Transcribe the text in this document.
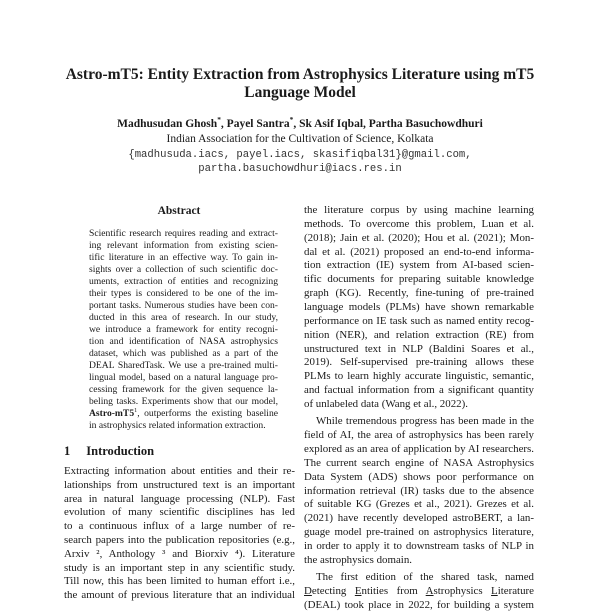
Astro-mT5: Entity Extraction from Astrophysics Literature using mT5
Language Model
Madhusudan Ghosh*, Payel Santra*, Sk Asif Iqbal, Partha Basuchowdhuri
Indian Association for the Cultivation of Science, Kolkata
{madhusuda.iacs, payel.iacs, skasifiqbal31}@gmail.com,
partha.basuchowdhuri@iacs.res.in
Abstract
Scientific research requires reading and extract-
ing relevant information from existing scien-
tific literature in an effective way. To gain in-
sights over a collection of such scientific doc-
uments, extraction of entities and recognizing
their types is considered to be one of the im-
portant tasks. Numerous studies have been con-
ducted in this area of research. In our study,
we introduce a framework for entity recogni-
tion and identification of NASA astrophysics
dataset, which was published as a part of the
DEAL SharedTask. We use a pre-trained multi-
lingual model, based on a natural language pro-
cessing framework for the given sequence la-
beling tasks. Experiments show that our model,
Astro-$mT5^1$, outperforms the existing baseline
in astrophysics related information extraction.
1 Introduction
Extracting information about entities and their re-
lationships from unstructured text is an important
area in natural language processing (NLP). Fast
evolution of many scientific disciplines has led
to a continuous influx of a large number of re-
search papers into the publication repositories (e.g.,
Arxiv ², Anthology ³ and Biorxiv ⁴). Literature
study is an important step in any scientific study.
Till now, this has been limited to human effort i.e.,
the amount of previous literature that an individual
the literature corpus by using machine learning
methods. To overcome this problem, Luan et al.
(2018); Jain et al. (2020); Hou et al. (2021); Mon-
dal et al. (2021) proposed an end-to-end informa-
tion extraction (IE) system from AI-based scien-
tific documents for preparing suitable knowledge
graph (KG). Recently, fine-tuning of pre-trained
language models (PLMs) have shown remarkable
performance on IE task such as named entity recog-
nition (NER), and relation extraction (RE) from
unstructured text in NLP (Baldini Soares et al.,
2019). Self-supervised pre-training allows these
PLMs to learn highly accurate linguistic, semantic,
and factual information from a significant quantity
of unlabeled data (Wang et al., 2022).
While tremendous progress has been made in the
field of AI, the area of astrophysics has been rarely
explored as an area of application by AI researchers.
The current search engine of NASA Astrophysics
Data System (ADS) shows poor performance on
information retrieval (IR) tasks due to the absence
of suitable KG (Grezes et al., 2021). Grezes et al.
(2021) have recently developed astroBERT, a lan-
guage model pre-trained on astrophysics literature,
in order to apply it to downstream tasks of NLP in
the astrophysics domain.
The first edition of the shared task, named
Detecting Entities from Astrophysics Literature
(DEAL) took place in 2022, for building a system
